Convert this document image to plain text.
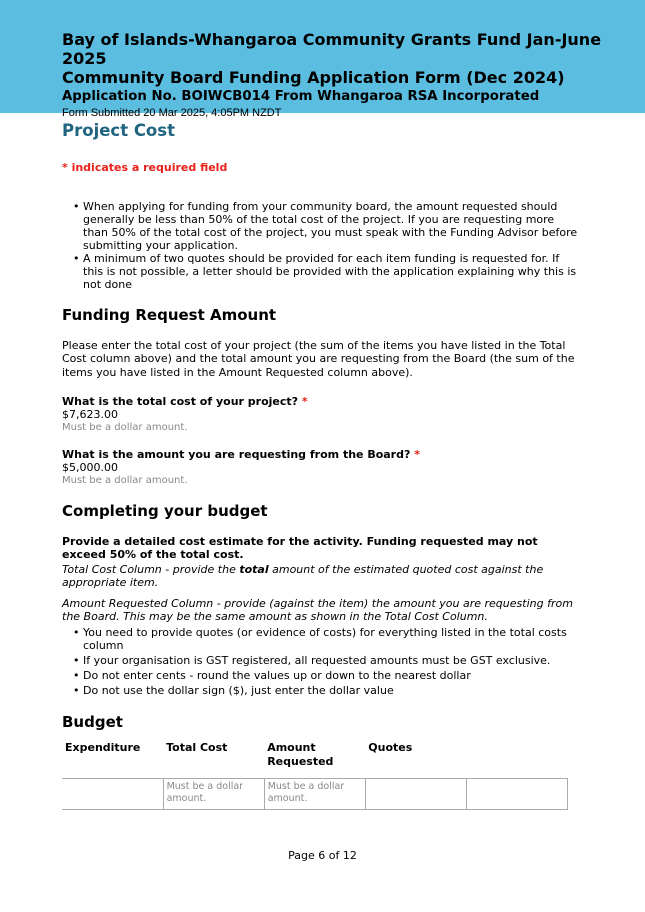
Bay of Islands-Whangaroa Community Grants Fund Jan-June 2025
Community Board Funding Application Form (Dec 2024)
Application No. BOIWCB014 From Whangaroa RSA Incorporated
Form Submitted 20 Mar 2025, 4:05PM NZDT
Project Cost
* indicates a required field
• When applying for funding from your community board, the amount requested should generally be less than 50% of the total cost of the project. If you are requesting more than 50% of the total cost of the project, you must speak with the Funding Advisor before submitting your application.
• A minimum of two quotes should be provided for each item funding is requested for. If this is not possible, a letter should be provided with the application explaining why this is not done
Funding Request Amount

Please enter the total cost of your project (the sum of the items you have listed in the Total Cost column above) and the total amount you are requesting from the Board (the sum of the items you have listed in the Amount Requested column above).

What is the total cost of your project? *
$7,623.00
Must be a dollar amount.
What is the amount you are requesting from the Board? *
$5,000.00
Must be a dollar amount.
Completing your budget

Provide a detailed cost estimate for the activity. Funding requested may not exceed 50% of the total cost.

Total Cost Column - provide the total amount of the estimated quoted cost against the appropriate item.

Amount Requested Column - provide (against the item) the amount you are requesting from the Board. This may be the same amount as shown in the Total Cost Column.

• You need to provide quotes (or evidence of costs) for everything listed in the total costs column
• If your organisation is GST registered, all requested amounts must be GST exclusive.
• Do not enter cents - round the values up or down to the nearest dollar
• Do not use the dollar sign ($), just enter the dollar value
Budget
Expenditure	Total Cost	Amount Requested	Quotes	
	Must be a dollar amount.	Must be a dollar amount.		
Page 6 of 12
